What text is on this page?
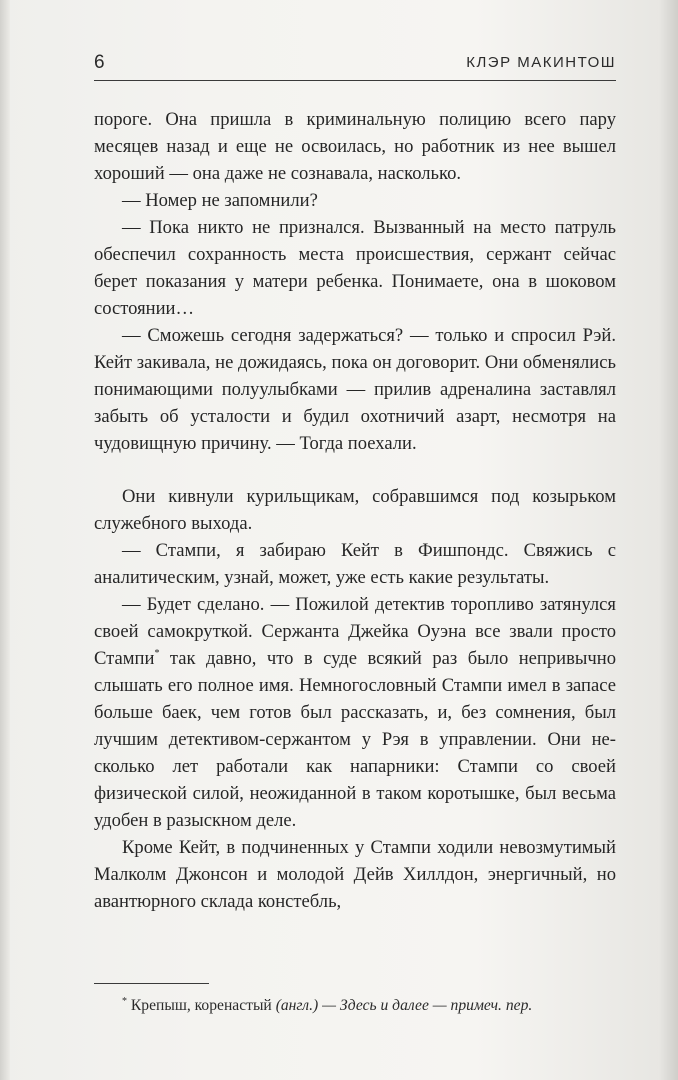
6	КЛЭР МАКИНТОШ

пороге. Она пришла в криминальную полицию всего пару месяцев назад и еще не освоилась, но работник из нее вышел хороший — она даже не сознавала, насколько.

— Номер не запомнили?

— Пока никто не признался. Вызванный на место патруль обеспечил сохранность места происшествия, сержант сейчас берет показания у матери ребенка. Понимаете, она в шоковом состоянии…

— Сможешь сегодня задержаться? — только и спросил Рэй. Кейт закивала, не дожидаясь, пока он договорит. Они обменялись понимающими полуулыбками — прилив адреналина заставлял забыть об усталости и будил охотничий азарт, несмотря на чудовищную причину. — Тогда поехали.

Они кивнули курильщикам, собравшимся под козырьком служебного выхода.

— Стампи, я забираю Кейт в Фишпондс. Свяжись с аналитическим, узнай, может, уже есть какие результаты.

— Будет сделано. — Пожилой детектив торопливо затянулся своей самокруткой. Сержанта Джейка Оуэна все звали просто Стампи* так давно, что в суде всякий раз было непривычно слышать его полное имя. Немногословный Стампи имел в запасе больше баек, чем готов был рассказать, и, без сомнения, был лучшим детективом-сержантом у Рэя в управлении. Они несколько лет работали как напарники: Стампи со своей физической силой, неожиданной в таком коротышке, был весьма удобен в разыскном деле.

Кроме Кейт, в подчиненных у Стампи ходили невозмутимый Малколм Джонсон и молодой Дейв Хиллдон, энергичный, но авантюрного склада констебль,

* Крепыш, коренастый (англ.) — Здесь и далее — примеч. пер.
